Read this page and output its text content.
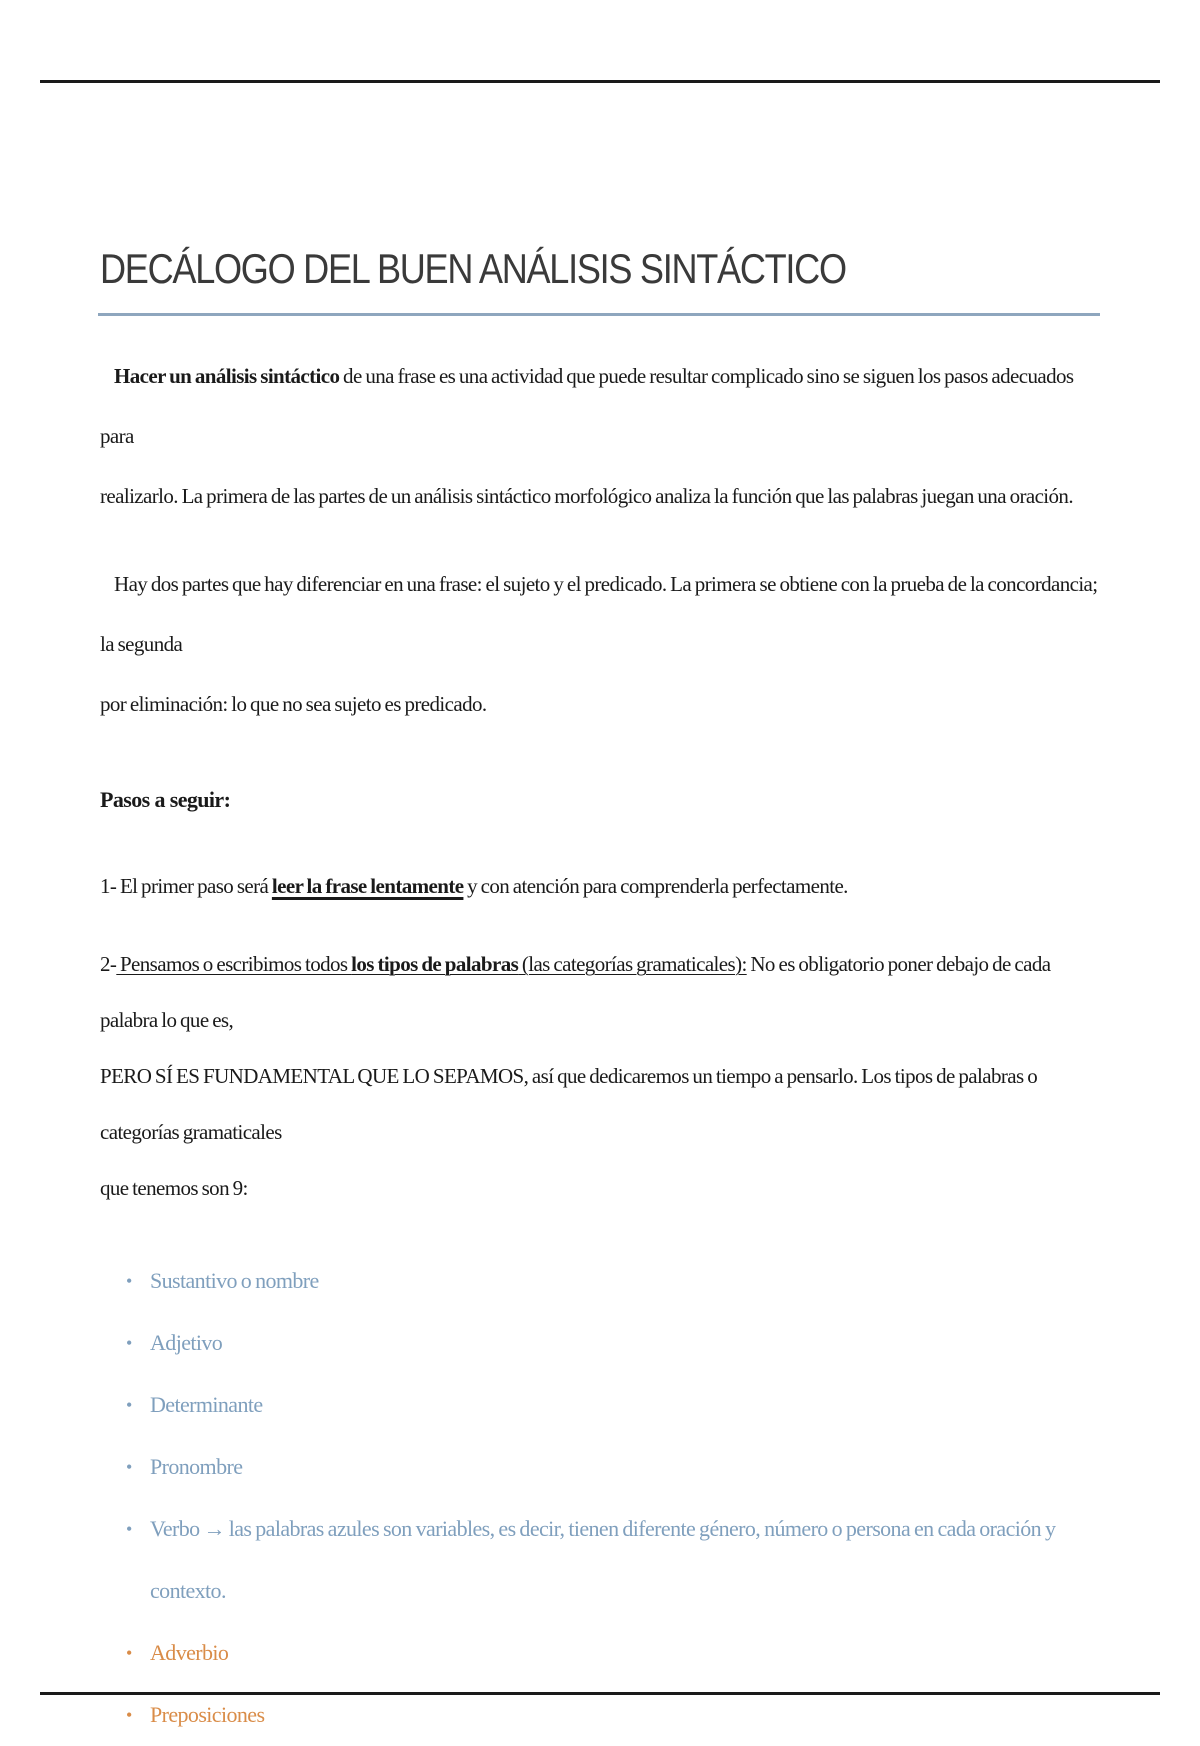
DECÁLOGO DEL BUEN ANÁLISIS SINTÁCTICO

Hacer un análisis sintáctico de una frase es una actividad que puede resultar complicado sino se siguen los pasos adecuados para
realizarlo. La primera de las partes de un análisis sintáctico morfológico analiza la función que las palabras juegan una oración.

Hay dos partes que hay diferenciar en una frase: el sujeto y el predicado. La primera se obtiene con la prueba de la concordancia; la segunda
por eliminación: lo que no sea sujeto es predicado.

Pasos a seguir:

1- El primer paso será leer la frase lentamente y con atención para comprenderla perfectamente.

2- Pensamos o escribimos todos los tipos de palabras (las categorías gramaticales): No es obligatorio poner debajo de cada palabra lo que es,
PERO SÍ ES FUNDAMENTAL QUE LO SEPAMOS, así que dedicaremos un tiempo a pensarlo. Los tipos de palabras o categorías gramaticales
que tenemos son 9:

• Sustantivo o nombre
• Adjetivo
• Determinante
• Pronombre
• Verbo → las palabras azules son variables, es decir, tienen diferente género, número o persona en cada oración y contexto.
• Adverbio
• Preposiciones
